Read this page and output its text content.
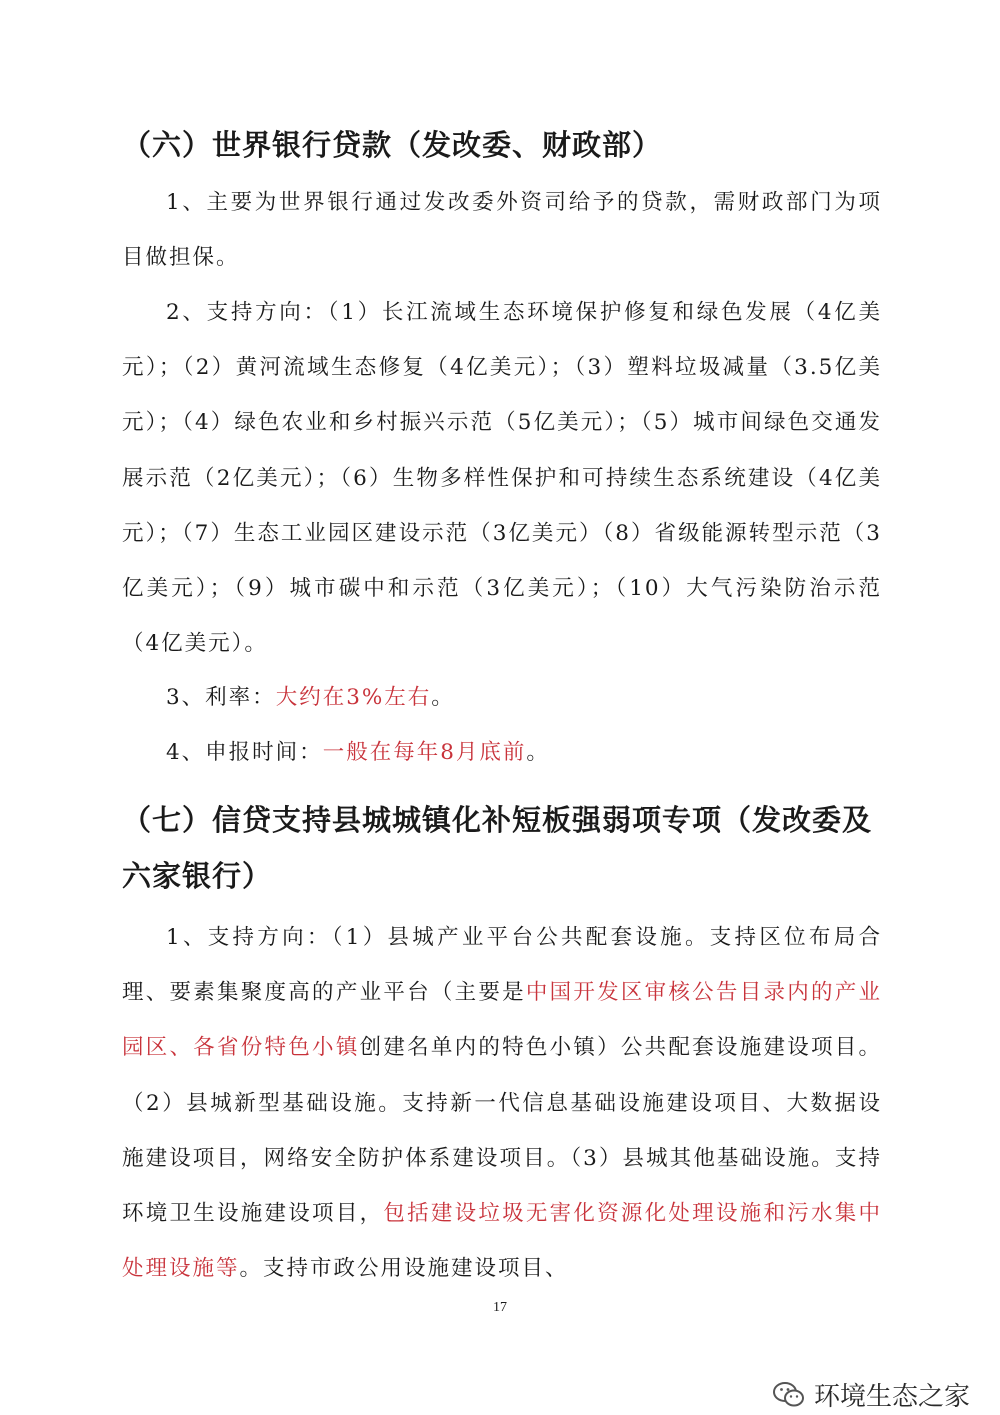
（六）世界银行贷款（发改委、财政部）

1、主要为世界银行通过发改委外资司给予的贷款，需财政部门为项目做担保。

2、支持方向：（1）长江流域生态环境保护修复和绿色发展（4亿美元）；（2）黄河流域生态修复（4亿美元）；（3）塑料垃圾减量（3.5亿美元）；（4）绿色农业和乡村振兴示范（5亿美元）；（5）城市间绿色交通发展示范（2亿美元）；（6）生物多样性保护和可持续生态系统建设（4亿美元）；（7）生态工业园区建设示范（3亿美元）（8）省级能源转型示范（3亿美元）；（9）城市碳中和示范（3亿美元）；（10）大气污染防治示范（4亿美元）。

3、利率：大约在3%左右。

4、申报时间：一般在每年8月底前。

（七）信贷支持县城城镇化补短板强弱项专项（发改委及六家银行）

1、支持方向：（1）县城产业平台公共配套设施。支持区位布局合理、要素集聚度高的产业平台（主要是中国开发区审核公告目录内的产业园区、各省份特色小镇创建名单内的特色小镇）公共配套设施建设项目。（2）县城新型基础设施。支持新一代信息基础设施建设项目、大数据设施建设项目，网络安全防护体系建设项目。（3）县城其他基础设施。支持环境卫生设施建设项目，包括建设垃圾无害化资源化处理设施和污水集中处理设施等。支持市政公用设施建设项目、

17
环境生态之家
